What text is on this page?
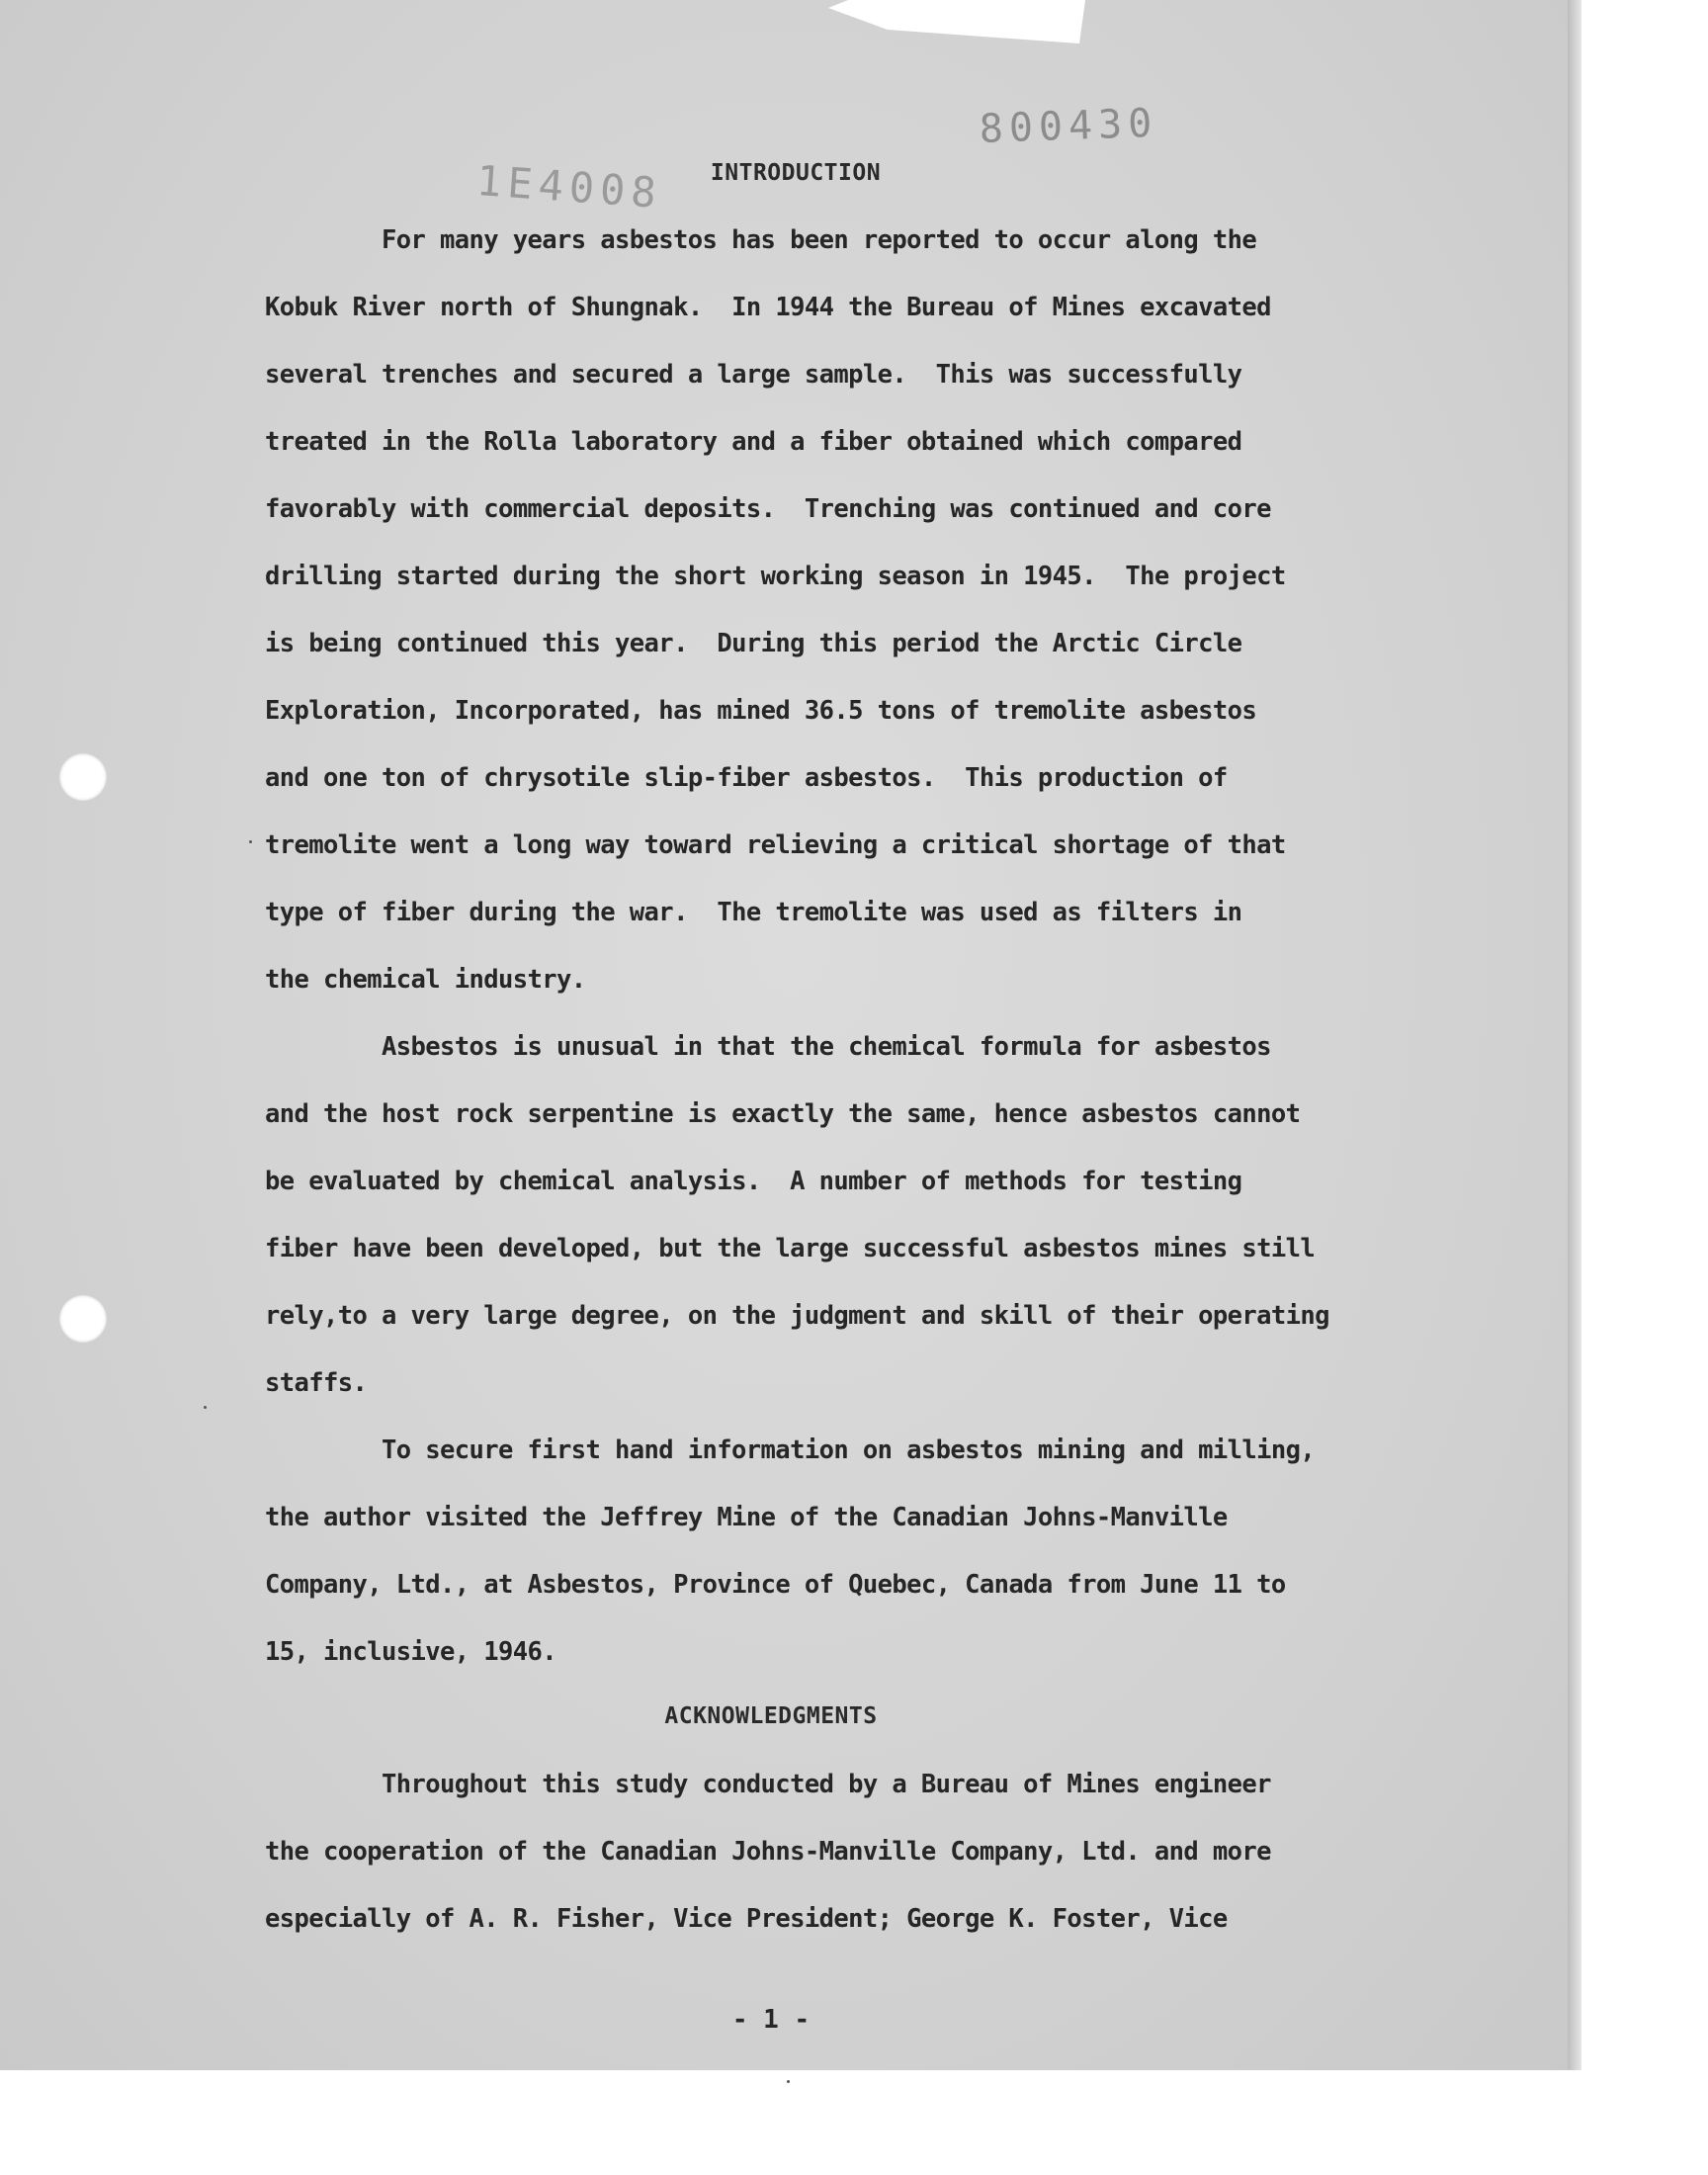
800430
1E4008	INTRODUCTION
For many years asbestos has been reported to occur along the
Kobuk River north of Shungnak.  In 1944 the Bureau of Mines excavated
several trenches and secured a large sample.  This was successfully
treated in the Rolla laboratory and a fiber obtained which compared
favorably with commercial deposits.  Trenching was continued and core
drilling started during the short working season in 1945.  The project
is being continued this year.  During this period the Arctic Circle
Exploration, Incorporated, has mined 36.5 tons of tremolite asbestos
and one ton of chrysotile slip-fiber asbestos.  This production of
tremolite went a long way toward relieving a critical shortage of that
type of fiber during the war.  The tremolite was used as filters in
the chemical industry.
Asbestos is unusual in that the chemical formula for asbestos
and the host rock serpentine is exactly the same, hence asbestos cannot
be evaluated by chemical analysis.  A number of methods for testing
fiber have been developed, but the large successful asbestos mines still
rely,to a very large degree, on the judgment and skill of their operating
staffs.
To secure first hand information on asbestos mining and milling,
the author visited the Jeffrey Mine of the Canadian Johns-Manville
Company, Ltd., at Asbestos, Province of Quebec, Canada from June 11 to
15, inclusive, 1946.
ACKNOWLEDGMENTS
Throughout this study conducted by a Bureau of Mines engineer
the cooperation of the Canadian Johns-Manville Company, Ltd. and more
especially of A. R. Fisher, Vice President; George K. Foster, Vice
- 1 -
